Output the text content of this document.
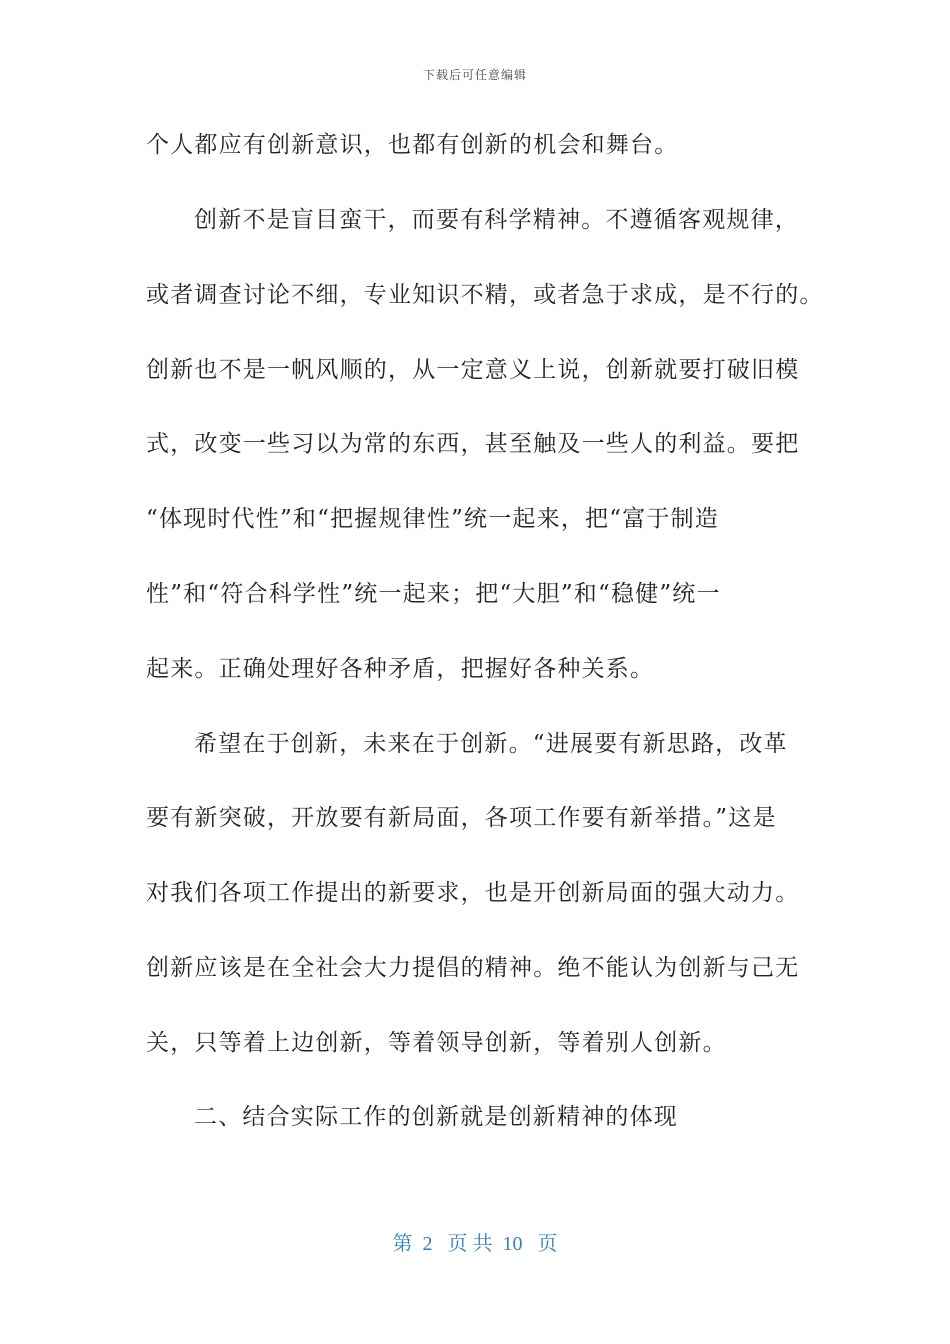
下载后可任意编辑
个人都应有创新意识，也都有创新的机会和舞台。
创新不是盲目蛮干，而要有科学精神。不遵循客观规律，
或者调查讨论不细，专业知识不精，或者急于求成，是不行的。
创新也不是一帆风顺的，从一定意义上说，创新就要打破旧模
式，改变一些习以为常的东西，甚至触及一些人的利益。要把
“体现时代性”和“把握规律性”统一起来，把“富于制造
性”和“符合科学性”统一起来；把“大胆”和“稳健”统一
起来。正确处理好各种矛盾，把握好各种关系。
希望在于创新，未来在于创新。“进展要有新思路，改革
要有新突破，开放要有新局面，各项工作要有新举措。”这是
对我们各项工作提出的新要求，也是开创新局面的强大动力。
创新应该是在全社会大力提倡的精神。绝不能认为创新与己无
关，只等着上边创新，等着领导创新，等着别人创新。
二、结合实际工作的创新就是创新精神的体现
第  2   页 共  10   页
